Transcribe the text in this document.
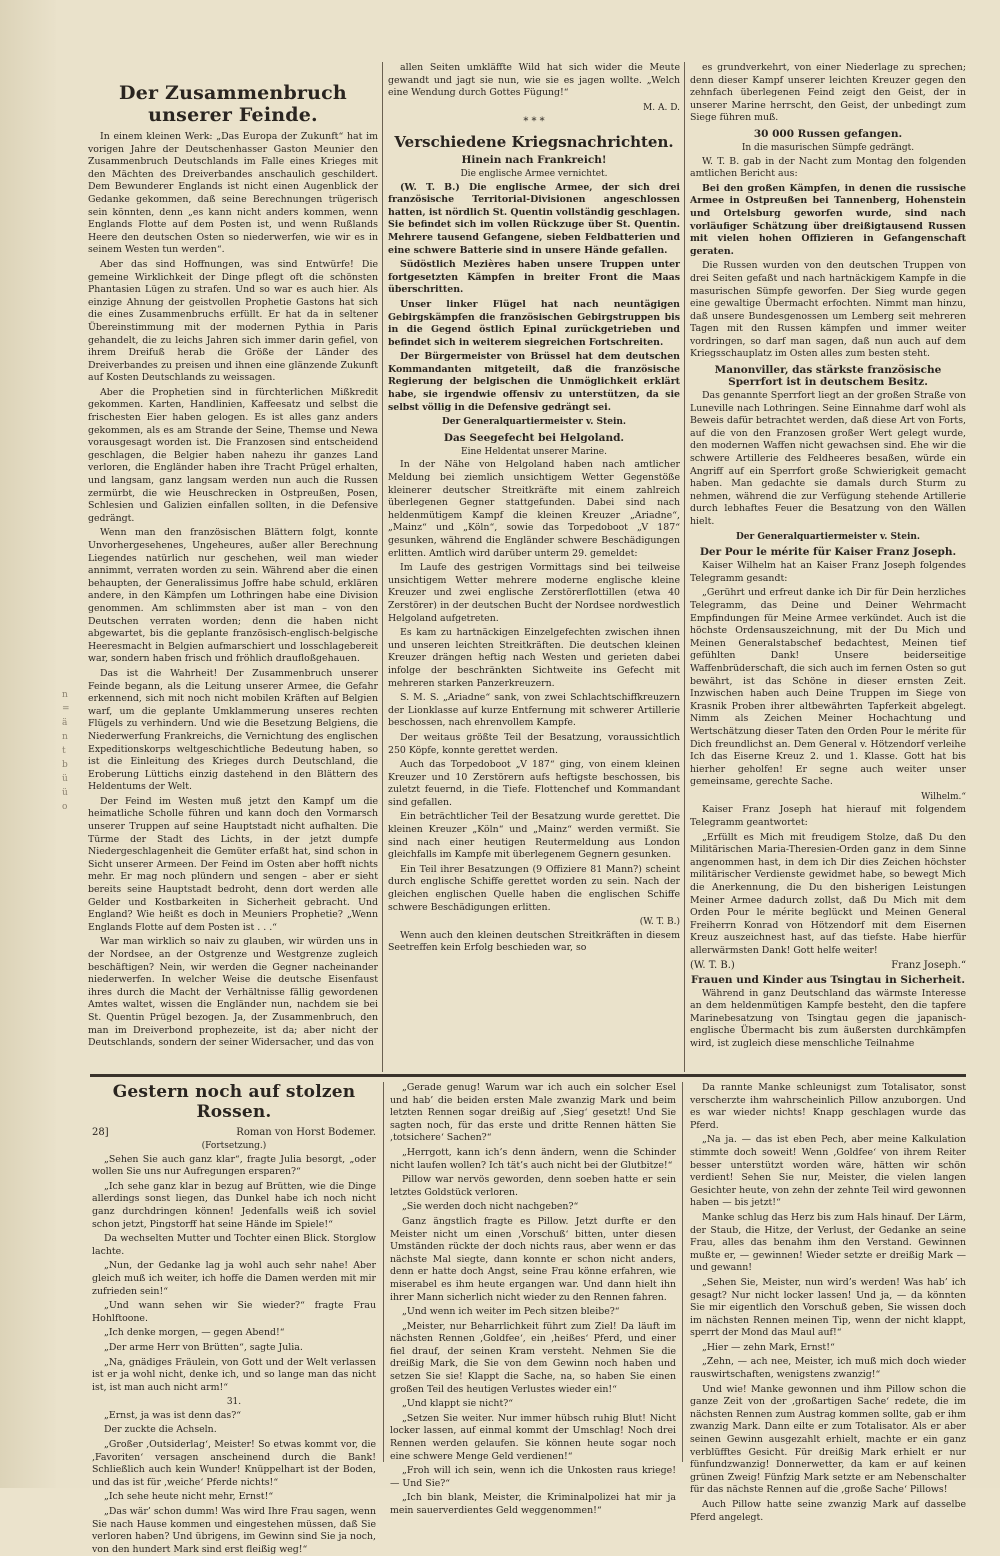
n
=
ä
n
t
b
ü
ü
o
Der Zusammenbruch unserer Feinde.

In einem kleinen Werk: „Das Europa der Zukunft“ hat im vorigen Jahre der Deutschenhasser Gaston Meunier den Zusammenbruch Deutschlands im Falle eines Krieges mit den Mächten des Dreiverbandes anschaulich geschildert. Dem Bewunderer Englands ist nicht einen Augenblick der Gedanke gekommen, daß seine Berechnungen trügerisch sein könnten, denn „es kann nicht anders kommen, wenn Englands Flotte auf dem Posten ist, und wenn Rußlands Heere den deutschen Osten so niederwerfen, wie wir es in seinem Westen tun werden“.

Aber das sind Hoffnungen, was sind Entwürfe! Die gemeine Wirklichkeit der Dinge pflegt oft die schönsten Phantasien Lügen zu strafen. Und so war es auch hier. Als einzige Ahnung der geistvollen Prophetie Gastons hat sich die eines Zusammenbruchs erfüllt. Er hat da in seltener Übereinstimmung mit der modernen Pythia in Paris gehandelt, die zu leichs Jahren sich immer darin gefiel, von ihrem Dreifuß herab die Größe der Länder des Dreiverbandes zu preisen und ihnen eine glänzende Zukunft auf Kosten Deutschlands zu weissagen.

Aber die Prophetien sind in fürchterlichen Mißkredit gekommen. Karten, Handlinien, Kaffeesatz und selbst die frischesten Eier haben gelogen. Es ist alles ganz anders gekommen, als es am Strande der Seine, Themse und Newa vorausgesagt worden ist. Die Franzosen sind entscheidend geschlagen, die Belgier haben nahezu ihr ganzes Land verloren, die Engländer haben ihre Tracht Prügel erhalten, und langsam, ganz langsam werden nun auch die Russen zermürbt, die wie Heuschrecken in Ostpreußen, Posen, Schlesien und Galizien einfallen sollten, in die Defensive gedrängt.

Wenn man den französischen Blättern folgt, konnte Unvorhergesehenes, Ungeheures, außer aller Berechnung Liegendes natürlich nur geschehen, weil man wieder annimmt, verraten worden zu sein. Während aber die einen behaupten, der Generalissimus Joffre habe schuld, erklären andere, in den Kämpfen um Lothringen habe eine Division genommen. Am schlimmsten aber ist man – von den Deutschen verraten worden; denn die haben nicht abgewartet, bis die geplante französisch-englisch-belgische Heeresmacht in Belgien aufmarschiert und losschlagebereit war, sondern haben frisch und fröhlich draufloßgehauen.

Das ist die Wahrheit! Der Zusammenbruch unserer Feinde begann, als die Leitung unserer Armee, die Gefahr erkennend, sich mit noch nicht mobilen Kräften auf Belgien warf, um die geplante Umklammerung unseres rechten Flügels zu verhindern. Und wie die Besetzung Belgiens, die Niederwerfung Frankreichs, die Vernichtung des englischen Expeditionskorps weltgeschichtliche Bedeutung haben, so ist die Einleitung des Krieges durch Deutschland, die Eroberung Lüttichs einzig dastehend in den Blättern des Heldentums der Welt.

Der Feind im Westen muß jetzt den Kampf um die heimatliche Scholle führen und kann doch den Vormarsch unserer Truppen auf seine Hauptstadt nicht aufhalten. Die Türme der Stadt des Lichts, in der jetzt dumpfe Niedergeschlagenheit die Gemüter erfaßt hat, sind schon in Sicht unserer Armeen. Der Feind im Osten aber hofft nichts mehr. Er mag noch plündern und sengen – aber er sieht bereits seine Hauptstadt bedroht, denn dort werden alle Gelder und Kostbarkeiten in Sicherheit gebracht. Und England? Wie heißt es doch in Meuniers Prophetie? „Wenn Englands Flotte auf dem Posten ist . . .“

War man wirklich so naiv zu glauben, wir würden uns in der Nordsee, an der Ostgrenze und Westgrenze zugleich beschäftigen? Nein, wir werden die Gegner nacheinander niederwerfen. In welcher Weise die deutsche Eisenfaust ihres durch die Macht der Verhältnisse fällig gewordenen Amtes waltet, wissen die Engländer nun, nachdem sie bei St. Quentin Prügel bezogen. Ja, der Zusammenbruch, den man im Dreiverbond prophezeite, ist da; aber nicht der Deutschlands, sondern der seiner Widersacher, und das von

allen Seiten umkläffte Wild hat sich wider die Meute gewandt und jagt sie nun, wie sie es jagen wollte. „Welch eine Wendung durch Gottes Fügung!“

M. A. D.

* * *

Verschiedene Kriegsnachrichten.
Hinein nach Frankreich!

Die englische Armee vernichtet.

(W. T. B.) Die englische Armee, der sich drei französische Territorial-Divisionen angeschlossen hatten, ist nördlich St. Quentin vollständig geschlagen. Sie befindet sich im vollen Rückzuge über St. Quentin. Mehrere tausend Gefangene, sieben Feldbatterien und eine schwere Batterie sind in unsere Hände gefallen.

Südöstlich Mezières haben unsere Truppen unter fortgesetzten Kämpfen in breiter Front die Maas überschritten.

Unser linker Flügel hat nach neuntägigen Gebirgskämpfen die französischen Gebirgstruppen bis in die Gegend östlich Epinal zurückgetrieben und befindet sich in weiterem siegreichen Fortschreiten.

Der Bürgermeister von Brüssel hat dem deutschen Kommandanten mitgeteilt, daß die französische Regierung der belgischen die Unmöglichkeit erklärt habe, sie irgendwie offensiv zu unterstützen, da sie selbst völlig in die Defensive gedrängt sei.

Der Generalquartiermeister v. Stein.

Das Seegefecht bei Helgoland.

Eine Heldentat unserer Marine.

In der Nähe von Helgoland haben nach amtlicher Meldung bei ziemlich unsichtigem Wetter Gegenstöße kleinerer deutscher Streitkräfte mit einem zahlreich überlegenen Gegner stattgefunden. Dabei sind nach heldenmütigem Kampf die kleinen Kreuzer „Ariadne“, „Mainz“ und „Köln“, sowie das Torpedoboot „V 187“ gesunken, während die Engländer schwere Beschädigungen erlitten. Amtlich wird darüber unterm 29. gemeldet:

Im Laufe des gestrigen Vormittags sind bei teilweise unsichtigem Wetter mehrere moderne englische kleine Kreuzer und zwei englische Zerstörerflottillen (etwa 40 Zerstörer) in der deutschen Bucht der Nordsee nordwestlich Helgoland aufgetreten.

Es kam zu hartnäckigen Einzelgefechten zwischen ihnen und unseren leichten Streitkräften. Die deutschen kleinen Kreuzer drängen heftig nach Westen und gerieten dabei infolge der beschränkten Sichtweite ins Gefecht mit mehreren starken Panzerkreuzern.

S. M. S. „Ariadne“ sank, von zwei Schlachtschiffkreuzern der Lionklasse auf kurze Entfernung mit schwerer Artillerie beschossen, nach ehrenvollem Kampfe.

Der weitaus größte Teil der Besatzung, voraussichtlich 250 Köpfe, konnte gerettet werden.

Auch das Torpedoboot „V 187“ ging, von einem kleinen Kreuzer und 10 Zerstörern aufs heftigste beschossen, bis zuletzt feuernd, in die Tiefe. Flottenchef und Kommandant sind gefallen.

Ein beträchtlicher Teil der Besatzung wurde gerettet. Die kleinen Kreuzer „Köln“ und „Mainz“ werden vermißt. Sie sind nach einer heutigen Reutermeldung aus London gleichfalls im Kampfe mit überlegenem Gegnern gesunken.

Ein Teil ihrer Besatzungen (9 Offiziere 81 Mann?) scheint durch englische Schiffe gerettet worden zu sein. Nach der gleichen englischen Quelle haben die englischen Schiffe schwere Beschädigungen erlitten.

(W. T. B.)

Wenn auch den kleinen deutschen Streitkräften in diesem Seetreffen kein Erfolg beschieden war, so

es grundverkehrt, von einer Niederlage zu sprechen; denn dieser Kampf unserer leichten Kreuzer gegen den zehnfach überlegenen Feind zeigt den Geist, der in unserer Marine herrscht, den Geist, der unbedingt zum Siege führen muß.

30 000 Russen gefangen.

In die masurischen Sümpfe gedrängt.

W. T. B. gab in der Nacht zum Montag den folgenden amtlichen Bericht aus:

Bei den großen Kämpfen, in denen die russische Armee in Ostpreußen bei Tannenberg, Hohenstein und Ortelsburg geworfen wurde, sind nach vorläufiger Schätzung über dreißigtausend Russen mit vielen hohen Offizieren in Gefangenschaft geraten.

Die Russen wurden von den deutschen Truppen von drei Seiten gefaßt und nach hartnäckigem Kampfe in die masurischen Sümpfe geworfen. Der Sieg wurde gegen eine gewaltige Übermacht erfochten. Nimmt man hinzu, daß unsere Bundesgenossen um Lemberg seit mehreren Tagen mit den Russen kämpfen und immer weiter vordringen, so darf man sagen, daß nun auch auf dem Kriegsschauplatz im Osten alles zum besten steht.

Manonviller, das stärkste französische Sperrfort ist in deutschem Besitz.

Das genannte Sperrfort liegt an der großen Straße von Luneville nach Lothringen. Seine Einnahme darf wohl als Beweis dafür betrachtet werden, daß diese Art von Forts, auf die von den Franzosen großer Wert gelegt wurde, den modernen Waffen nicht gewachsen sind. Ehe wir die schwere Artillerie des Feldheeres besaßen, würde ein Angriff auf ein Sperrfort große Schwierigkeit gemacht haben. Man gedachte sie damals durch Sturm zu nehmen, während die zur Verfügung stehende Artillerie durch lebhaftes Feuer die Besatzung von den Wällen hielt.

Der Generalquartiermeister v. Stein.

Der Pour le mérite für Kaiser Franz Joseph.

Kaiser Wilhelm hat an Kaiser Franz Joseph folgendes Telegramm gesandt:

„Gerührt und erfreut danke ich Dir für Dein herzliches Telegramm, das Deine und Deiner Wehrmacht Empfindungen für Meine Armee verkündet. Auch ist die höchste Ordensauszeichnung, mit der Du Mich und Meinen Generalstabschef bedachtest, Meinen tief gefühlten Dank! Unsere beiderseitige Waffenbrüderschaft, die sich auch im fernen Osten so gut bewährt, ist das Schöne in dieser ernsten Zeit. Inzwischen haben auch Deine Truppen im Siege von Krasnik Proben ihrer altbewährten Tapferkeit abgelegt. Nimm als Zeichen Meiner Hochachtung und Wertschätzung dieser Taten den Orden Pour le mérite für Dich freundlichst an. Dem General v. Hötzendorf verleihe Ich das Eiserne Kreuz 2. und 1. Klasse. Gott hat bis hierher geholfen! Er segne auch weiter unser gemeinsame, gerechte Sache.

Wilhelm.“

Kaiser Franz Joseph hat hierauf mit folgendem Telegramm geantwortet:

„Erfüllt es Mich mit freudigem Stolze, daß Du den Militärischen Maria-Theresien-Orden ganz in dem Sinne angenommen hast, in dem ich Dir dies Zeichen höchster militärischer Verdienste gewidmet habe, so bewegt Mich die Anerkennung, die Du den bisherigen Leistungen Meiner Armee dadurch zollst, daß Du Mich mit dem Orden Pour le mérite beglückt und Meinen General Freiherrn Konrad von Hötzendorf mit dem Eisernen Kreuz auszeichnest hast, auf das tiefste. Habe hierfür allerwärmsten Dank! Gott helfe weiter!

(W. T. B.)	Franz Joseph.“
Frauen und Kinder aus Tsingtau in Sicherheit.

Während in ganz Deutschland das wärmste Interesse an dem heldenmütigen Kampfe besteht, den die tapfere Marinebesatzung von Tsingtau gegen die japanisch-englische Übermacht bis zum äußersten durchkämpfen wird, ist zugleich diese menschliche Teilnahme

Gestern noch auf stolzen Rossen.
28]	Roman von Horst Bodemer.

(Fortsetzung.)

„Sehen Sie auch ganz klar“, fragte Julia besorgt, „oder wollen Sie uns nur Aufregungen ersparen?“

„Ich sehe ganz klar in bezug auf Brütten, wie die Dinge allerdings sonst liegen, das Dunkel habe ich noch nicht ganz durchdringen können! Jedenfalls weiß ich soviel schon jetzt, Pingstorff hat seine Hände im Spiele!“

Da wechselten Mutter und Tochter einen Blick. Storglow lachte.

„Nun, der Gedanke lag ja wohl auch sehr nahe! Aber gleich muß ich weiter, ich hoffe die Damen werden mit mir zufrieden sein!“

„Und wann sehen wir Sie wieder?“ fragte Frau Hohlftoone.

„Ich denke morgen, — gegen Abend!“

„Der arme Herr von Brütten“, sagte Julia.

„Na, gnädiges Fräulein, von Gott und der Welt verlassen ist er ja wohl nicht, denke ich, und so lange man das nicht ist, ist man auch nicht arm!“

31.

„Ernst, ja was ist denn das?“

Der zuckte die Achseln.

„Großer ‚Outsiderlag‘, Meister! So etwas kommt vor, die ‚Favoriten‘ versagen anscheinend durch die Bank! Schließlich auch kein Wunder! Knüppelhart ist der Boden, und das ist für ‚weiche‘ Pferde nichts!“

„Ich sehe heute nicht mehr, Ernst!“

„Das wär’ schon dumm! Was wird Ihre Frau sagen, wenn Sie nach Hause kommen und eingestehen müssen, daß Sie verloren haben? Und übrigens, im Gewinn sind Sie ja noch, von den hundert Mark sind erst fleißig weg!“

„Gerade genug! Warum war ich auch ein solcher Esel und hab’ die beiden ersten Male zwanzig Mark und beim letzten Rennen sogar dreißig auf ‚Sieg‘ gesetzt! Und Sie sagten noch, für das erste und dritte Rennen hätten Sie ‚totsichere‘ Sachen?“

„Herrgott, kann ich’s denn ändern, wenn die Schinder nicht laufen wollen? Ich tät’s auch nicht bei der Glutbitze!“

Pillow war nervös geworden, denn soeben hatte er sein letztes Goldstück verloren.

„Sie werden doch nicht nachgeben?“

Ganz ängstlich fragte es Pillow. Jetzt durfte er den Meister nicht um einen ‚Vorschuß‘ bitten, unter diesen Umständen rückte der doch nichts raus, aber wenn er das nächste Mal siegte, dann konnte er schon nicht anders, denn er hatte doch Angst, seine Frau könne erfahren, wie miserabel es ihm heute ergangen war. Und dann hielt ihn ihrer Mann sicherlich nicht wieder zu den Rennen fahren.

„Und wenn ich weiter im Pech sitzen bleibe?“

„Meister, nur Beharrlichkeit führt zum Ziel! Da läuft im nächsten Rennen ‚Goldfee‘, ein ‚heißes‘ Pferd, und einer fiel drauf, der seinen Kram versteht. Nehmen Sie die dreißig Mark, die Sie von dem Gewinn noch haben und setzen Sie sie! Klappt die Sache, na, so haben Sie einen großen Teil des heutigen Verlustes wieder ein!“

„Und klappt sie nicht?“

„Setzen Sie weiter. Nur immer hübsch ruhig Blut! Nicht locker lassen, auf einmal kommt der Umschlag! Noch drei Rennen werden gelaufen. Sie können heute sogar noch eine schwere Menge Geld verdienen!“

„Froh will ich sein, wenn ich die Unkosten raus kriege! — Und Sie?“

„Ich bin blank, Meister, die Kriminalpolizei hat mir ja mein sauerverdientes Geld weggenommen!“

Da rannte Manke schleunigst zum Totalisator, sonst verscherzte ihm wahrscheinlich Pillow anzuborgen. Und es war wieder nichts! Knapp geschlagen wurde das Pferd.

„Na ja. — das ist eben Pech, aber meine Kalkulation stimmte doch soweit! Wenn ‚Goldfee‘ von ihrem Reiter besser unterstützt worden wäre, hätten wir schön verdient! Sehen Sie nur, Meister, die vielen langen Gesichter heute, von zehn der zehnte Teil wird gewonnen haben — bis jetzt!“

Manke schlug das Herz bis zum Hals hinauf. Der Lärm, der Staub, die Hitze, der Verlust, der Gedanke an seine Frau, alles das benahm ihm den Verstand. Gewinnen mußte er, — gewinnen! Wieder setzte er dreißig Mark — und gewann!

„Sehen Sie, Meister, nun wird’s werden! Was hab’ ich gesagt? Nur nicht locker lassen! Und ja, — da könnten Sie mir eigentlich den Vorschuß geben, Sie wissen doch im nächsten Rennen meinen Tip, wenn der nicht klappt, sperrt der Mond das Maul auf!“

„Hier — zehn Mark, Ernst!“

„Zehn, — ach nee, Meister, ich muß mich doch wieder rauswirtschaften, wenigstens zwanzig!“

Und wie! Manke gewonnen und ihm Pillow schon die ganze Zeit von der ‚großartigen Sache‘ redete, die im nächsten Rennen zum Austrag kommen sollte, gab er ihm zwanzig Mark. Dann eilte er zum Totalisator. Als er aber seinen Gewinn ausgezahlt erhielt, machte er ein ganz verblüfftes Gesicht. Für dreißig Mark erhielt er nur fünfundzwanzig! Donnerwetter, da kam er auf keinen grünen Zweig! Fünfzig Mark setzte er am Nebenschalter für das nächste Rennen auf die ‚große Sache‘ Pillows!

Auch Pillow hatte seine zwanzig Mark auf dasselbe Pferd angelegt.
